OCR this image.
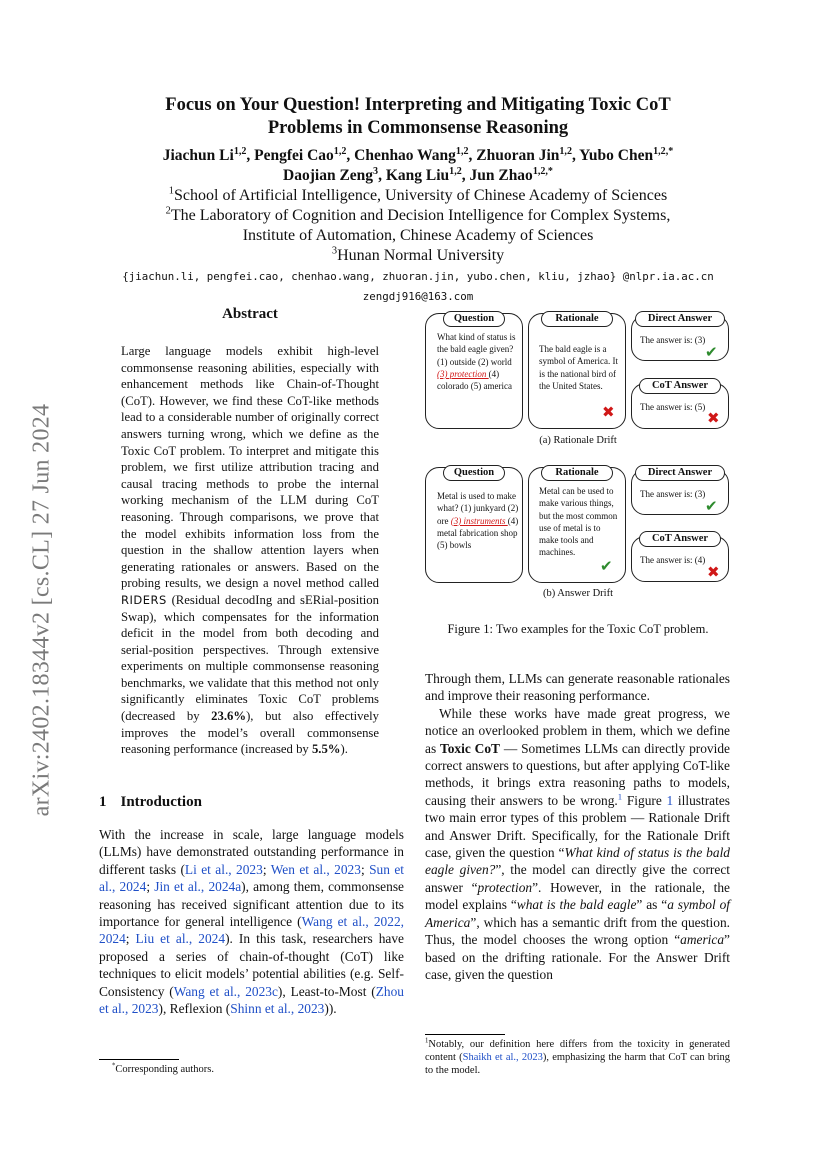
arXiv:2402.18344v2 [cs.CL] 27 Jun 2024
Focus on Your Question! Interpreting and Mitigating Toxic CoT
Problems in Commonsense Reasoning
Jiachun Li$^{1,2}$, Pengfei Cao$^{1,2}$, Chenhao Wang$^{1,2}$, Zhuoran Jin$^{1,2}$, Yubo Chen$^{1,2,*}$
Daojian Zeng$^3$, Kang Liu$^{1,2}$, Jun Zhao$^{1,2,*}$
$^1$School of Artificial Intelligence, University of Chinese Academy of Sciences
$^2$The Laboratory of Cognition and Decision Intelligence for Complex Systems,
Institute of Automation, Chinese Academy of Sciences
$^3$Hunan Normal University
{jiachun.li, pengfei.cao, chenhao.wang, zhuoran.jin, yubo.chen, kliu, jzhao} @nlpr.ia.ac.cn
zengdj916@163.com
Abstract

Large language models exhibit high-level commonsense reasoning abilities, especially with enhancement methods like Chain-of-Thought (CoT). However, we find these CoT-like methods lead to a considerable number of originally correct answers turning wrong, which we define as the Toxic CoT problem. To interpret and mitigate this problem, we first utilize attribution tracing and causal tracing methods to probe the internal working mechanism of the LLM during CoT reasoning. Through comparisons, we prove that the model exhibits information loss from the question in the shallow attention layers when generating rationales or answers. Based on the probing results, we design a novel method called RIDERS (Residual decodIng and sERial-position Swap), which compensates for the information deficit in the model from both decoding and serial-position perspectives. Through extensive experiments on multiple commonsense reasoning benchmarks, we validate that this method not only significantly eliminates Toxic CoT problems (decreased by 23.6%), but also effectively improves the model’s overall commonsense reasoning performance (increased by 5.5%).

1 Introduction

With the increase in scale, large language models (LLMs) have demonstrated outstanding performance in different tasks (Li et al., 2023; Wen et al., 2023; Sun et al., 2024; Jin et al., 2024a), among them, commonsense reasoning has received significant attention due to its importance for general intelligence (Wang et al., 2022, 2024; Liu et al., 2024). In this task, researchers have proposed a series of chain-of-thought (CoT) like techniques to elicit models’ potential abilities (e.g. Self-Consistency (Wang et al., 2023c), Least-to-Most (Zhou et al., 2023), Reflexion (Shinn et al., 2023)).

*Corresponding authors.
Question
What kind of status is the bald eagle given? (1) outside (2) world (3) protection (4) colorado (5) america
Rationale
The bald eagle is a symbol of America. It is the national bird of the United States.
✖
Direct Answer
The answer is: (3)
✔
CoT Answer
The answer is: (5)
✖
(a) Rationale Drift
Question
Metal is used to make what? (1) junkyard (2) ore (3) instruments (4) metal fabrication shop (5) bowls
Rationale
Metal can be used to make various things, but the most common use of metal is to make tools and machines.
✔
Direct Answer
The answer is: (3)
✔
CoT Answer
The answer is: (4)
✖
(b) Answer Drift
Figure 1: Two examples for the Toxic CoT problem.

Through them, LLMs can generate reasonable rationales and improve their reasoning performance.

While these works have made great progress, we notice an overlooked problem in them, which we define as Toxic CoT — Sometimes LLMs can directly provide correct answers to questions, but after applying CoT-like methods, it brings extra reasoning paths to models, causing their answers to be wrong.$^1$ Figure 1 illustrates two main error types of this problem — Rationale Drift and Answer Drift. Specifically, for the Rationale Drift case, given the question “What kind of status is the bald eagle given?”, the model can directly give the correct answer “protection”. However, in the rationale, the model explains “what is the bald eagle” as “a symbol of America”, which has a semantic drift from the question. Thus, the model chooses the wrong option “america” based on the drifting rationale. For the Answer Drift case, given the question

$^1$Notably, our definition here differs from the toxicity in generated content (Shaikh et al., 2023), emphasizing the harm that CoT can bring to the model.
